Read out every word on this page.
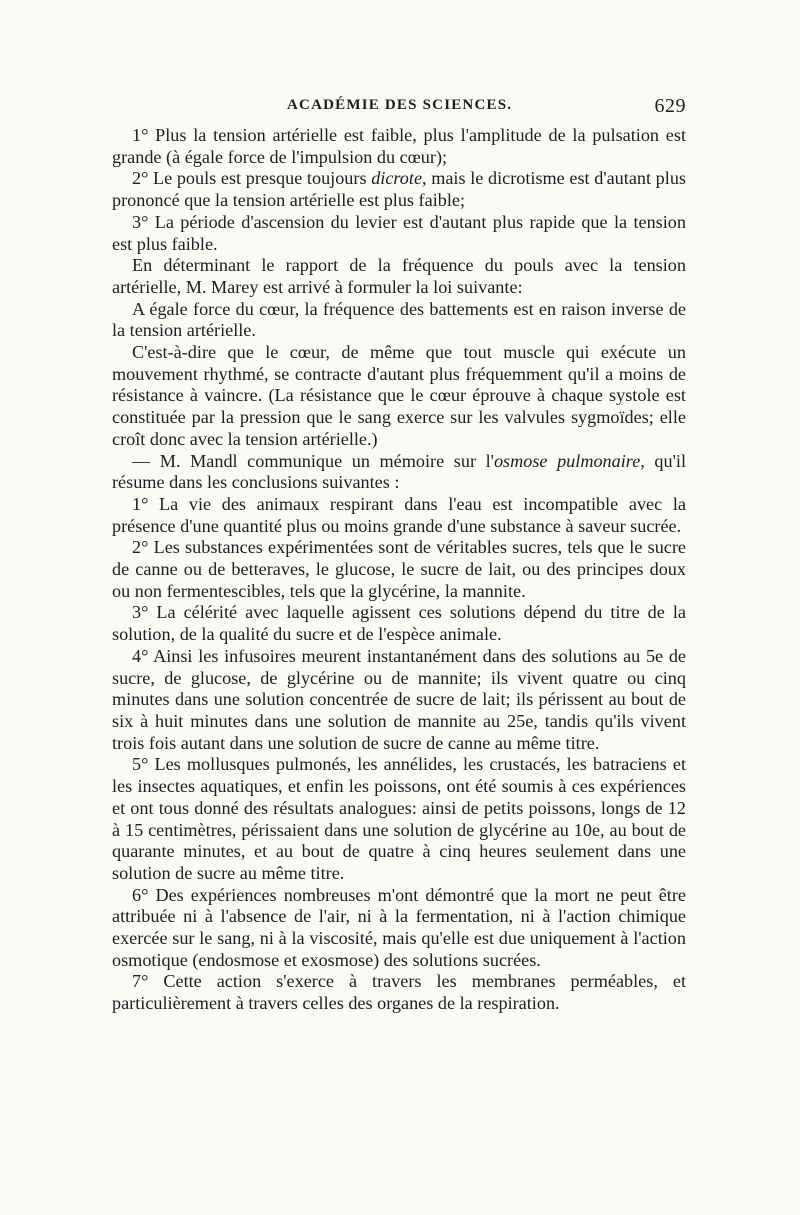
ACADÉMIE DES SCIENCES.	629

1° Plus la tension artérielle est faible, plus l'amplitude de la pulsation est grande (à égale force de l'impulsion du cœur);

2° Le pouls est presque toujours dicrote, mais le dicrotisme est d'autant plus prononcé que la tension artérielle est plus faible;

3° La période d'ascension du levier est d'autant plus rapide que la tension est plus faible.

En déterminant le rapport de la fréquence du pouls avec la tension artérielle, M. Marey est arrivé à formuler la loi suivante:

A égale force du cœur, la fréquence des battements est en raison inverse de la tension artérielle.

C'est-à-dire que le cœur, de même que tout muscle qui exécute un mouvement rhythmé, se contracte d'autant plus fréquemment qu'il a moins de résistance à vaincre. (La résistance que le cœur éprouve à chaque systole est constituée par la pression que le sang exerce sur les valvules sygmoïdes; elle croît donc avec la tension artérielle.)

— M. Mandl communique un mémoire sur l'osmose pulmonaire, qu'il résume dans les conclusions suivantes :

1° La vie des animaux respirant dans l'eau est incompatible avec la présence d'une quantité plus ou moins grande d'une substance à saveur sucrée.

2° Les substances expérimentées sont de véritables sucres, tels que le sucre de canne ou de betteraves, le glucose, le sucre de lait, ou des principes doux ou non fermentescibles, tels que la glycérine, la mannite.

3° La célérité avec laquelle agissent ces solutions dépend du titre de la solution, de la qualité du sucre et de l'espèce animale.

4° Ainsi les infusoires meurent instantanément dans des solutions au 5e de sucre, de glucose, de glycérine ou de mannite; ils vivent quatre ou cinq minutes dans une solution concentrée de sucre de lait; ils périssent au bout de six à huit minutes dans une solution de mannite au 25e, tandis qu'ils vivent trois fois autant dans une solution de sucre de canne au même titre.

5° Les mollusques pulmonés, les annélides, les crustacés, les batraciens et les insectes aquatiques, et enfin les poissons, ont été soumis à ces expériences et ont tous donné des résultats analogues: ainsi de petits poissons, longs de 12 à 15 centimètres, périssaient dans une solution de glycérine au 10e, au bout de quarante minutes, et au bout de quatre à cinq heures seulement dans une solution de sucre au même titre.

6° Des expériences nombreuses m'ont démontré que la mort ne peut être attribuée ni à l'absence de l'air, ni à la fermentation, ni à l'action chimique exercée sur le sang, ni à la viscosité, mais qu'elle est due uniquement à l'action osmotique (endosmose et exosmose) des solutions sucrées.

7° Cette action s'exerce à travers les membranes perméables, et particulièrement à travers celles des organes de la respiration.
